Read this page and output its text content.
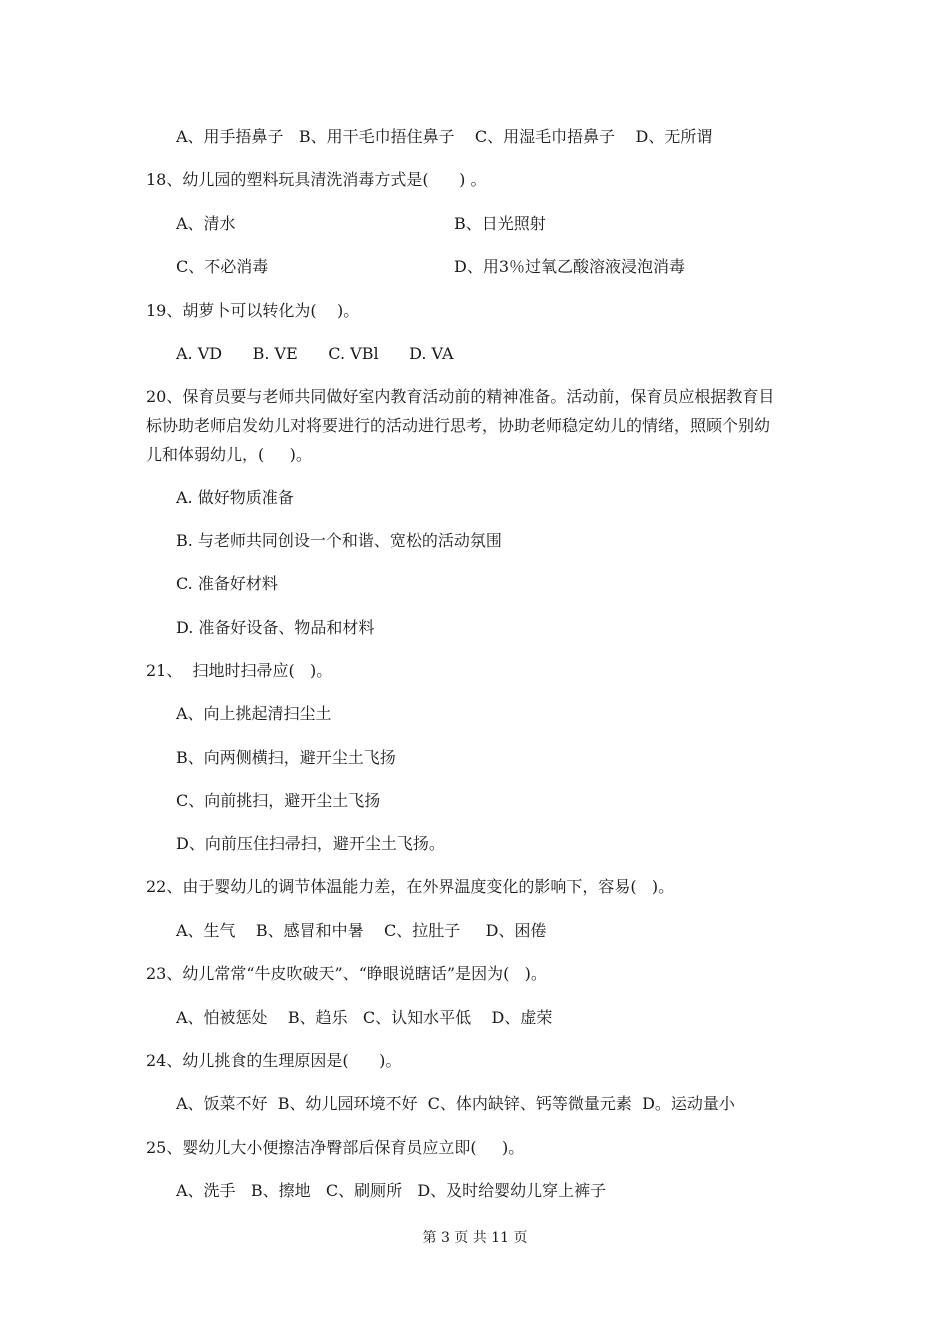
A、用手捂鼻子   B、用干毛巾捂住鼻子    C、用湿毛巾捂鼻子    D、无所谓
18、幼儿园的塑料玩具清洗消毒方式是(      ) 。
A、清水	B、日光照射
C、不必消毒	D、用3％过氧乙酸溶液浸泡消毒
19、胡萝卜可以转化为(    )。
A. VD      B. VE      C. VBl      D. VA
20、保育员要与老师共同做好室内教育活动前的精神准备。活动前，保育员应根据教育目
标协助老师启发幼儿对将要进行的活动进行思考，协助老师稳定幼儿的情绪，照顾个别幼
儿和体弱幼儿，(     )。
A. 做好物质准备
B. 与老师共同创设一个和谐、宽松的活动氛围
C. 准备好材料
D. 准备好设备、物品和材料
21、  扫地时扫帚应(   )。
A、向上挑起清扫尘土
B、向两侧横扫，避开尘土飞扬
C、向前挑扫，避开尘土飞扬
D、向前压住扫帚扫，避开尘土飞扬。
22、由于婴幼儿的调节体温能力差，在外界温度变化的影响下，容易(   )。
A、生气    B、感冒和中暑    C、拉肚子     D、困倦
23、幼儿常常“牛皮吹破天”、“睁眼说瞎话”是因为(   )。
A、怕被惩处    B、趋乐   C、认知水平低    D、虚荣
24、幼儿挑食的生理原因是(      )。
A、饭菜不好  B、幼儿园环境不好  C、体内缺锌、钙等微量元素  D。运动量小
25、婴幼儿大小便擦洁净臀部后保育员应立即(     )。
A、洗手   B、擦地   C、刷厕所   D、及时给婴幼儿穿上裤子
第 3 页 共 11 页
